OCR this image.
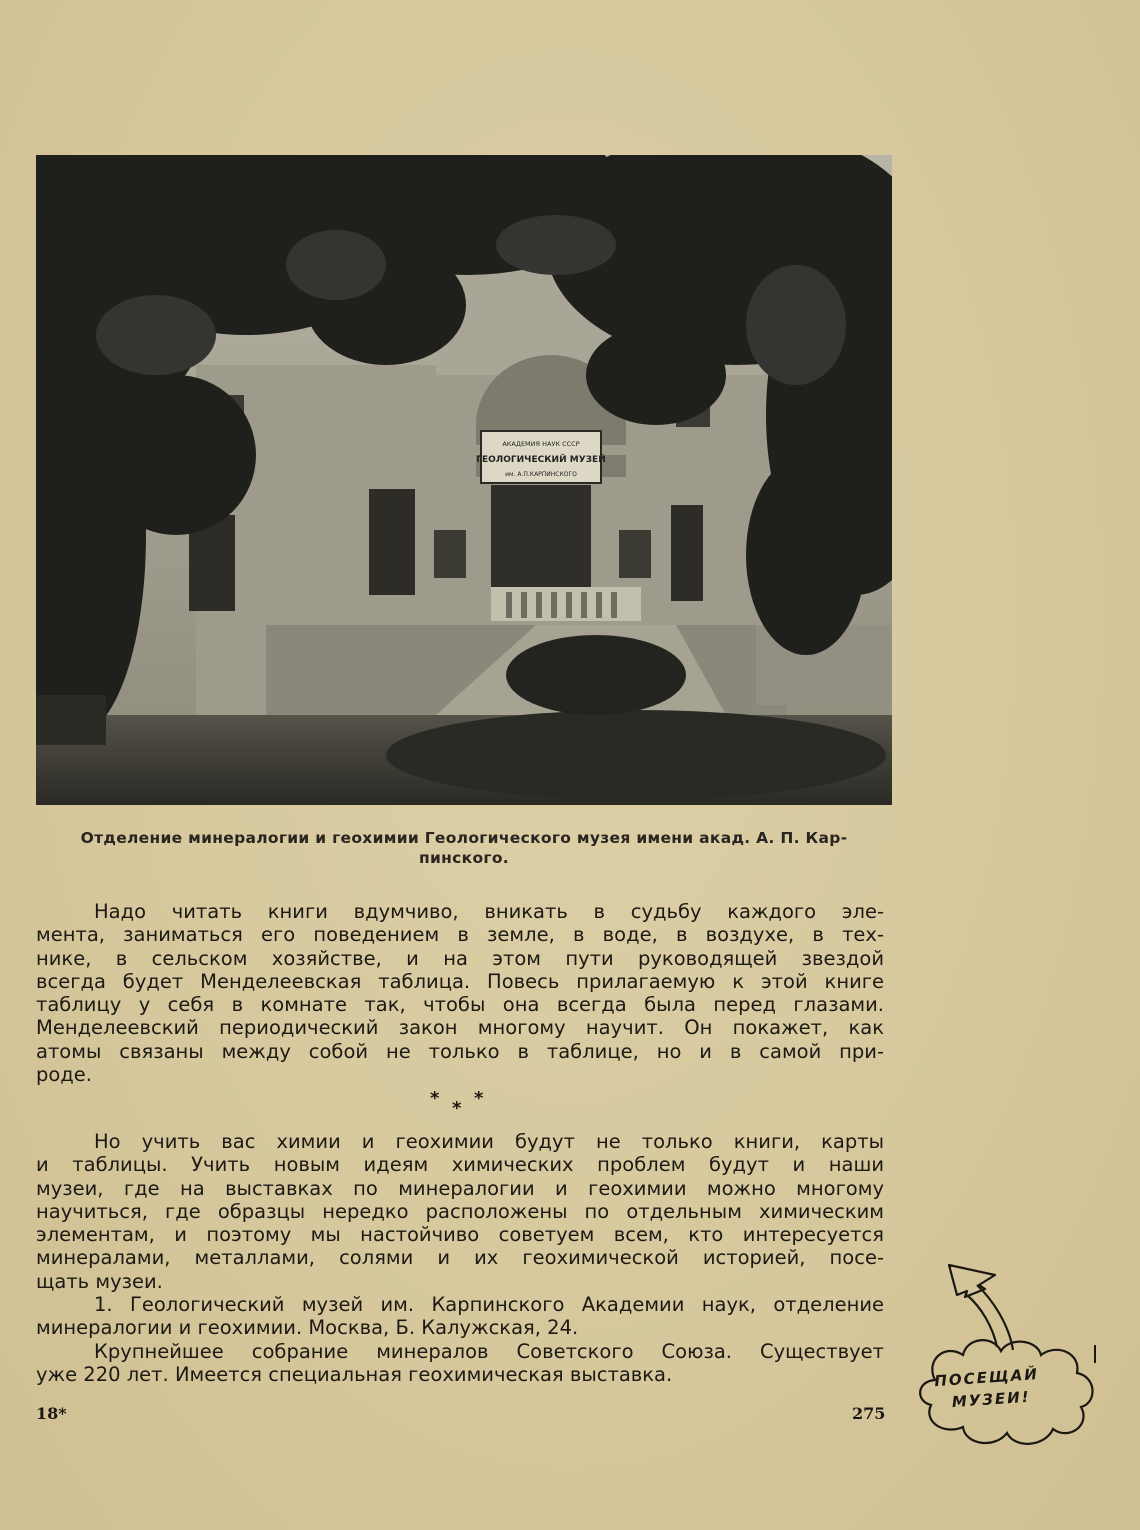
АКАДЕМИЯ НАУК СССР
ГЕОЛОГИЧЕСКИЙ МУЗЕЙ
им. А.П.КАРПИНСКОГО
Отделение минералогии и геохимии Геологического музея имени акад. А. П. Кар-
пинского.
Надо читать книги вдумчиво, вникать в судьбу каждого эле-
мента, заниматься его поведением в земле, в воде, в воздухе, в тех-
нике, в сельском хозяйстве, и на этом пути руководящей звездой
всегда будет Менделеевская таблица. Повесь прилагаемую к этой книге
таблицу у себя в комнате так, чтобы она всегда была перед глазами.
Менделеевский периодический закон многому научит. Он покажет, как
атомы связаны между собой не только в таблице, но и в самой при-
роде.
* * *
Но учить вас химии и геохимии будут не только книги, карты
и таблицы. Учить новым идеям химических проблем будут и наши
музеи, где на выставках по минералогии и геохимии можно многому
научиться, где образцы нередко расположены по отдельным химическим
элементам, и поэтому мы настойчиво советуем всем, кто интересуется
минералами, металлами, солями и их геохимической историей, посе-
щать музеи.
1. Геологический музей им. Карпинского Академии наук, отделение
минералогии и геохимии. Москва, Б. Калужская, 24.
Крупнейшее собрание минералов Советского Союза. Существует
уже 220 лет. Имеется специальная геохимическая выставка.
18*	275
ПОСЕЩАЙ
МУЗЕИ!
